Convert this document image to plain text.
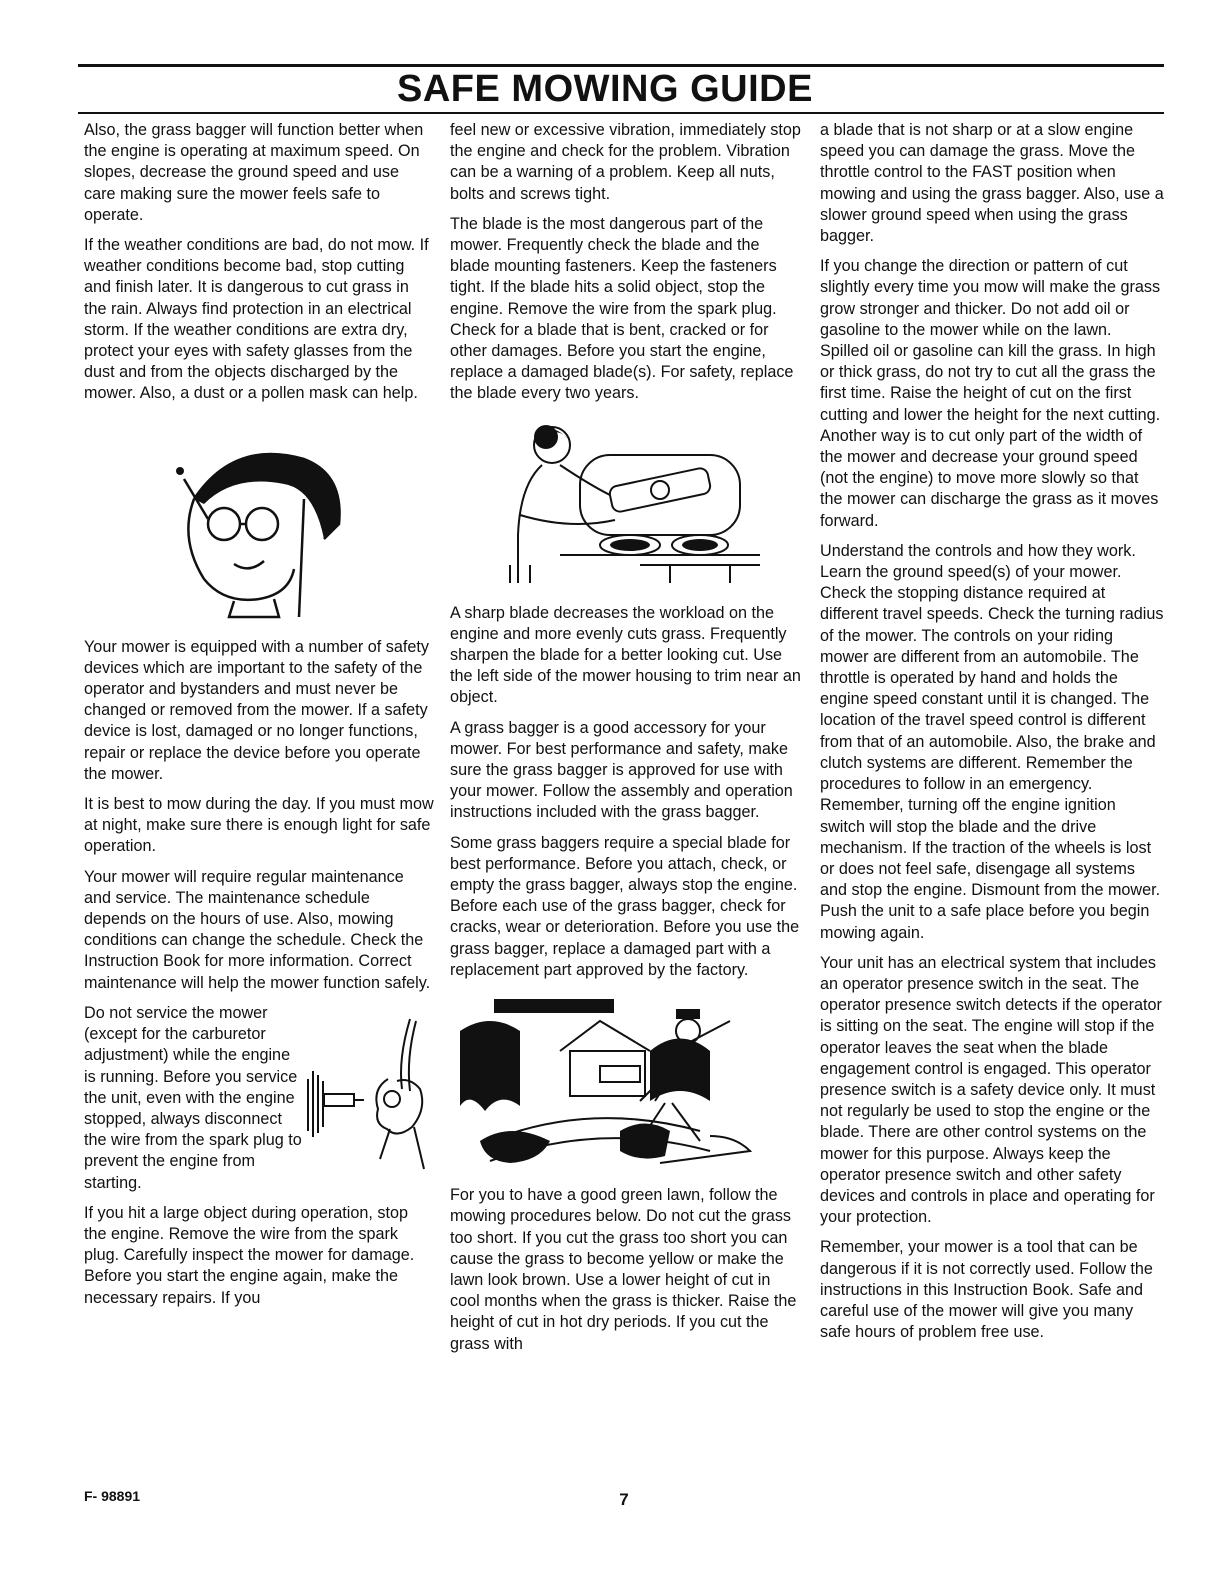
SAFE MOWING GUIDE

Also, the grass bagger will function better when the engine is operating at maximum speed. On slopes, decrease the ground speed and use care making sure the mower feels safe to operate.

If the weather conditions are bad, do not mow. If weather conditions become bad, stop cutting and finish later. It is dangerous to cut grass in the rain. Always find protection in an electrical storm. If the weather conditions are extra dry, protect your eyes with safety glasses from the dust and from the objects discharged by the mower. Also, a dust or a pollen mask can help.

Your mower is equipped with a number of safety devices which are important to the safety of the operator and bystanders and must never be changed or removed from the mower. If a safety device is lost, damaged or no longer functions, repair or replace the device before you operate the mower.

It is best to mow during the day. If you must mow at night, make sure there is enough light for safe operation.

Your mower will require regular maintenance and service. The maintenance schedule depends on the hours of use. Also, mowing conditions can change the schedule. Check the Instruction Book for more information. Correct maintenance will help the mower function safely.

Do not service the mower (except for the carburetor adjustment) while the engine is running. Before you service the unit, even with the engine stopped, always disconnect the wire from the spark plug to prevent the engine from starting.

If you hit a large object during operation, stop the engine. Remove the wire from the spark plug. Carefully inspect the mower for damage. Before you start the engine again, make the necessary repairs. If you

feel new or excessive vibration, immediately stop the engine and check for the problem. Vibration can be a warning of a problem. Keep all nuts, bolts and screws tight.

The blade is the most dangerous part of the mower. Frequently check the blade and the blade mounting fasteners. Keep the fasteners tight. If the blade hits a solid object, stop the engine. Remove the wire from the spark plug. Check for a blade that is bent, cracked or for other damages. Before you start the engine, replace a damaged blade(s). For safety, replace the blade every two years.

A sharp blade decreases the workload on the engine and more evenly cuts grass. Frequently sharpen the blade for a better looking cut. Use the left side of the mower housing to trim near an object.

A grass bagger is a good accessory for your mower. For best performance and safety, make sure the grass bagger is approved for use with your mower. Follow the assembly and operation instructions included with the grass bagger.

Some grass baggers require a special blade for best performance. Before you attach, check, or empty the grass bagger, always stop the engine. Before each use of the grass bagger, check for cracks, wear or deterioration. Before you use the grass bagger, replace a damaged part with a replacement part approved by the factory.

For you to have a good green lawn, follow the mowing procedures below. Do not cut the grass too short. If you cut the grass too short you can cause the grass to become yellow or make the lawn look brown. Use a lower height of cut in cool months when the grass is thicker. Raise the height of cut in hot dry periods. If you cut the grass with

a blade that is not sharp or at a slow engine speed you can damage the grass. Move the throttle control to the FAST position when mowing and using the grass bagger. Also, use a slower ground speed when using the grass bagger.

If you change the direction or pattern of cut slightly every time you mow will make the grass grow stronger and thicker. Do not add oil or gasoline to the mower while on the lawn. Spilled oil or gasoline can kill the grass. In high or thick grass, do not try to cut all the grass the first time. Raise the height of cut on the first cutting and lower the height for the next cutting. Another way is to cut only part of the width of the mower and decrease your ground speed (not the engine) to move more slowly so that the mower can discharge the grass as it moves forward.

Understand the controls and how they work. Learn the ground speed(s) of your mower. Check the stopping distance required at different travel speeds. Check the turning radius of the mower. The controls on your riding mower are different from an automobile. The throttle is operated by hand and holds the engine speed constant until it is changed. The location of the travel speed control is different from that of an automobile. Also, the brake and clutch systems are different. Remember the procedures to follow in an emergency. Remember, turning off the engine ignition switch will stop the blade and the drive mechanism. If the traction of the wheels is lost or does not feel safe, disengage all systems and stop the engine. Dismount from the mower. Push the unit to a safe place before you begin mowing again.

Your unit has an electrical system that includes an operator presence switch in the seat. The operator presence switch detects if the operator is sitting on the seat. The engine will stop if the operator leaves the seat when the blade engagement control is engaged. This operator presence switch is a safety device only. It must not regularly be used to stop the engine or the blade. There are other control systems on the mower for this purpose. Always keep the operator presence switch and other safety devices and controls in place and operating for your protection.

Remember, your mower is a tool that can be dangerous if it is not correctly used. Follow the instructions in this Instruction Book. Safe and careful use of the mower will give you many safe hours of problem free use.

F- 98891	7
